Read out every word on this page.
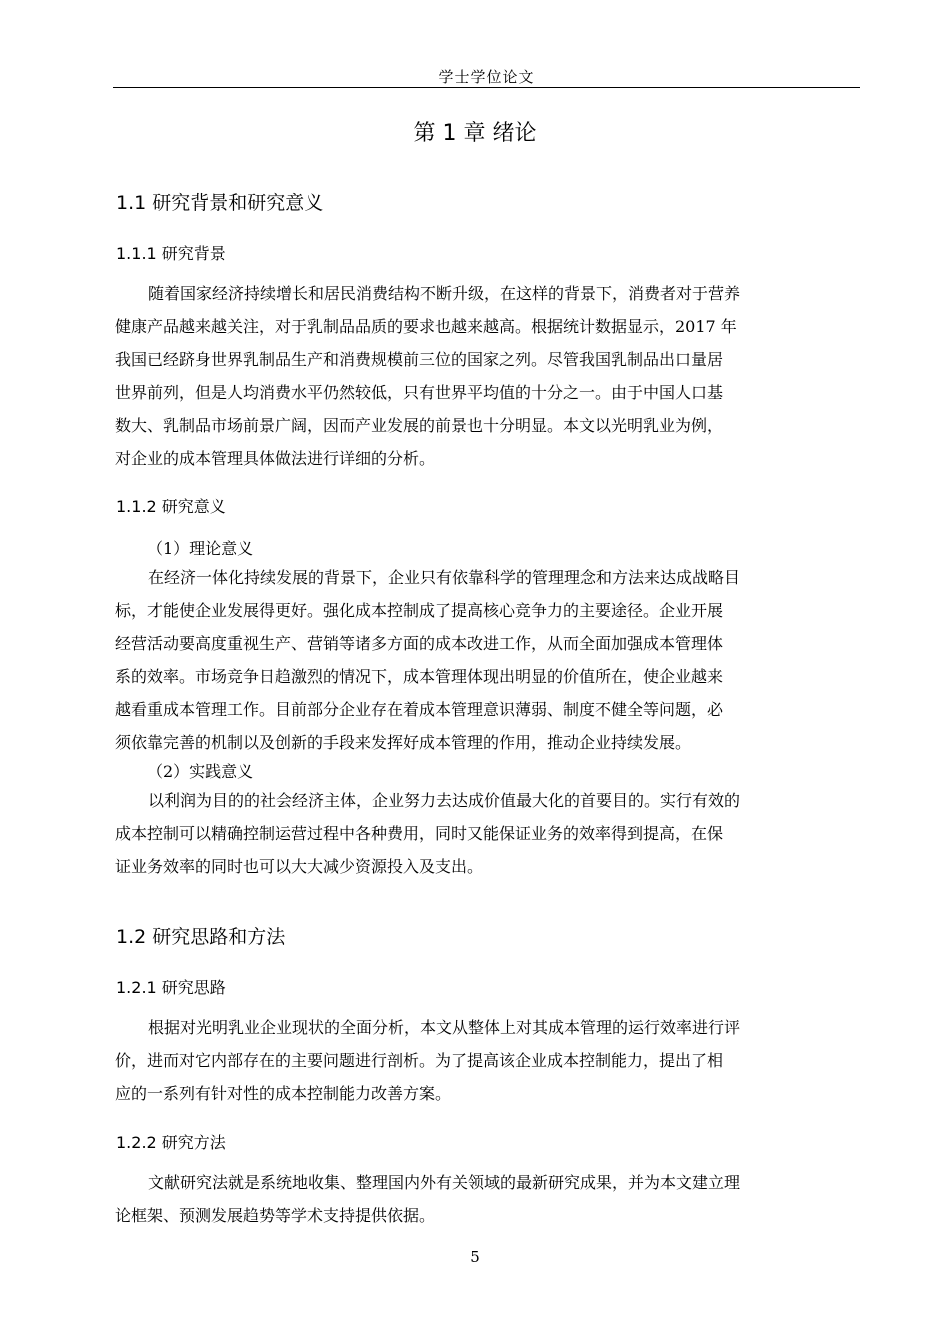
学士学位论文
第 1 章 绪论
1.1 研究背景和研究意义
1.1.1 研究背景
随着国家经济持续增长和居民消费结构不断升级，在这样的背景下，消费者对于营养
健康产品越来越关注，对于乳制品品质的要求也越来越高。根据统计数据显示，2017 年
我国已经跻身世界乳制品生产和消费规模前三位的国家之列。尽管我国乳制品出口量居
世界前列，但是人均消费水平仍然较低，只有世界平均值的十分之一。由于中国人口基
数大、乳制品市场前景广阔，因而产业发展的前景也十分明显。本文以光明乳业为例，
对企业的成本管理具体做法进行详细的分析。
1.1.2 研究意义
（1）理论意义
在经济一体化持续发展的背景下，企业只有依靠科学的管理理念和方法来达成战略目
标，才能使企业发展得更好。强化成本控制成了提高核心竞争力的主要途径。企业开展
经营活动要高度重视生产、营销等诸多方面的成本改进工作，从而全面加强成本管理体
系的效率。市场竞争日趋激烈的情况下，成本管理体现出明显的价值所在，使企业越来
越看重成本管理工作。目前部分企业存在着成本管理意识薄弱、制度不健全等问题，必
须依靠完善的机制以及创新的手段来发挥好成本管理的作用，推动企业持续发展。
（2）实践意义
以利润为目的的社会经济主体，企业努力去达成价值最大化的首要目的。实行有效的
成本控制可以精确控制运营过程中各种费用，同时又能保证业务的效率得到提高，在保
证业务效率的同时也可以大大减少资源投入及支出。
1.2 研究思路和方法
1.2.1 研究思路
根据对光明乳业企业现状的全面分析，本文从整体上对其成本管理的运行效率进行评
价，进而对它内部存在的主要问题进行剖析。为了提高该企业成本控制能力，提出了相
应的一系列有针对性的成本控制能力改善方案。
1.2.2 研究方法
文献研究法就是系统地收集、整理国内外有关领域的最新研究成果，并为本文建立理
论框架、预测发展趋势等学术支持提供依据。
5
